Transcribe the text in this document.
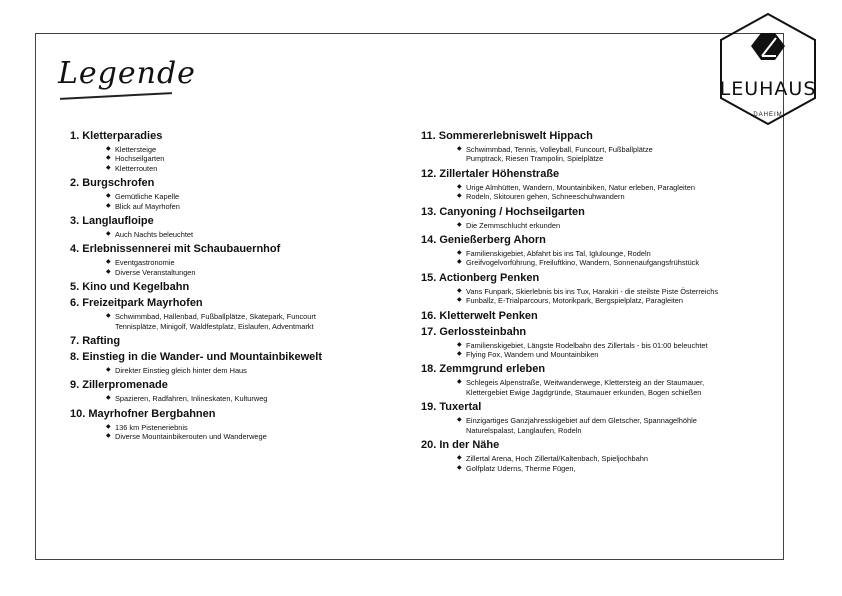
Legende	LEUHAUS
DAHEIM
1. Kletterparadies
◆ Klettersteige
◆ Hochseilgarten
◆ Kletterrouten
2. Burgschrofen
◆ Gemütliche Kapelle
◆ Blick auf Mayrhofen
3. Langlaufloipe
◆ Auch Nachts beleuchtet
4. Erlebnissennerei mit Schaubauernhof
◆ Eventgastronomie
◆ Diverse Veranstaltungen
5. Kino und Kegelbahn
6. Freizeitpark Mayrhofen
◆ Schwimmbad, Hallenbad, Fußballplätze, Skatepark, Funcourt
Tennisplätze, Minigolf, Waldfestplatz, Eislaufen, Adventmarkt
7. Rafting
8. Einstieg in die Wander- und Mountainbikewelt
◆ Direkter Einstieg gleich hinter dem Haus
9. Zillerpromenade
◆ Spazieren, Radfahren, Inlineskaten, Kulturweg
10. Mayrhofner Bergbahnen
◆ 136 km Pisteneriebnis
◆ Diverse Mountainbikerouten und Wanderwege
11. Sommererlebniswelt Hippach
◆ Schwimmbad, Tennis, Volleyball, Funcourt, Fußballplätze
Pumptrack, Riesen Trampolin, Spielplätze
12. Zillertaler Höhenstraße
◆ Urige Almhütten, Wandern, Mountainbiken, Natur erleben, Paragleiten
◆ Rodeln, Skitouren gehen, Schneeschuhwandern
13. Canyoning / Hochseilgarten
◆ Die Zemmschlucht erkunden
14. Genießerberg Ahorn
◆ Familienskigebiet, Abfahrt bis ins Tal, Iglulounge, Rodeln
◆ Greifvogelvorführung, Freiluftkino, Wandern, Sonnenaufgangsfrühstück
15. Actionberg Penken
◆ Vans Funpark, Skierlebnis bis ins Tux, Harakiri - die steilste Piste Österreichs
◆ Funballz, E-Trialparcours, Motorikpark, Bergspielplatz, Paragleiten
16. Kletterwelt Penken
17. Gerlossteinbahn
◆ Familienskigebiet, Längste Rodelbahn des Zillertals - bis 01:00 beleuchtet
◆ Flying Fox, Wandern und Mountainbiken
18. Zemmgrund erleben
◆ Schlegeis Alpenstraße, Weitwanderwege, Klettersteig an der Staumauer,
Klettergebiet Ewige Jagdgründe, Staumauer erkunden, Bogen schießen
19. Tuxertal
◆ Einzigartiges Ganzjahresskigebiet auf dem Gletscher, Spannagelhöhle
Naturelspalast, Langlaufen, Rodeln
20. In der Nähe
◆ Zillertal Arena, Hoch Zillertal/Kaltenbach, Spieljochbahn
◆ Golfplatz Uderns, Therme Fügen,
